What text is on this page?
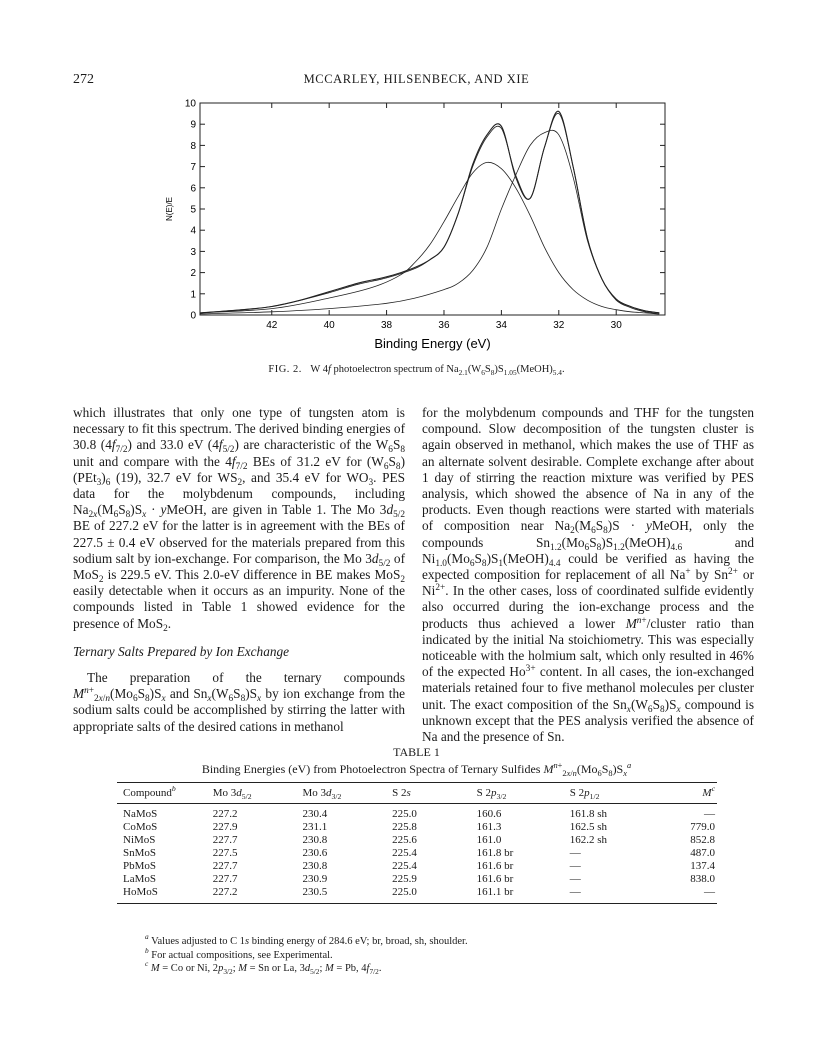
272	MCCARLEY, HILSENBECK, AND XIE
0
1
2
3
4
5
6
7
8
9
10
42	40	38	36	34	32	30
Binding Energy (eV)
N(E)/E
FIG. 2. W 4f photoelectron spectrum of $Na_{2.1}(W_6S_8)S_{1.05}(MeOH)_{5.4}$.

which illustrates that only one type of tungsten atom is necessary to fit this spectrum. The derived binding energies of 30.8 $(4f_{7/2})$ and 33.0 eV $(4f_{5/2})$ are characteristic of the $W_6S_8$ unit and compare with the $4f_{7/2}$ BEs of 31.2 eV for $(W_6S_8)(PEt_3)_6$ (19), 32.7 eV for $WS_2$, and 35.4 eV for $WO_3$. PES data for the molybdenum compounds, including $Na_{2x}(M_6S_8)S_x$ · yMeOH, are given in Table 1. The Mo $3d_{5/2}$ BE of 227.2 eV for the latter is in agreement with the BEs of 227.5 ± 0.4 eV observed for the materials prepared from this sodium salt by ion-exchange. For comparison, the Mo $3d_{5/2}$ of MoS$_2$ is 229.5 eV. This 2.0-eV difference in BE makes MoS$_2$ easily detectable when it occurs as an impurity. None of the compounds listed in Table 1 showed evidence for the presence of MoS$_2$.

Ternary Salts Prepared by Ion Exchange

The preparation of the ternary compounds $M^{n+}_{2x/n}(Mo_6S_8)S_x$ and $Sn_x(W_6S_8)S_x$ by ion exchange from the sodium salts could be accomplished by stirring the latter with appropriate salts of the desired cations in methanol

for the molybdenum compounds and THF for the tungsten compound. Slow decomposition of the tungsten cluster is again observed in methanol, which makes the use of THF as an alternate solvent desirable. Complete exchange after about 1 day of stirring the reaction mixture was verified by PES analysis, which showed the absence of Na in any of the products. Even though reactions were started with materials of composition near $Na_2(M_6S_8)S$ · yMeOH, only the compounds $Sn_{1.2}(Mo_6S_8)S_{1.2}(MeOH)_{4.6}$ and $Ni_{1.0}(Mo_6S_8)S_1(MeOH)_{4.4}$ could be verified as having the expected composition for replacement of all Na+ by $Sn^{2+}$ or $Ni^{2+}$. In the other cases, loss of coordinated sulfide evidently also occurred during the ion-exchange process and the products thus achieved a lower $M^{n+}$/cluster ratio than indicated by the initial Na stoichiometry. This was especially noticeable with the holmium salt, which only resulted in 46% of the expected $Ho^{3+}$ content. In all cases, the ion-exchanged materials retained four to five methanol molecules per cluster unit. The exact composition of the $Sn_x(W_6S_8)S_x$ compound is unknown except that the PES analysis verified the absence of Na and the presence of Sn.

TABLE 1
Binding Energies (eV) from Photoelectron Spectra of Ternary Sulfides $M^{n+}_{2x/n}(Mo_6S_8)S_x^a$
Compound$^b$	Mo $3d_{5/2}$	Mo $3d_{3/2}$	S 2s	S $2p_{3/2}$	S $2p_{1/2}$	$M^c$
NaMoS	227.2	230.4	225.0	160.6	161.8 sh	—
CoMoS	227.9	231.1	225.8	161.3	162.5 sh	779.0
NiMoS	227.7	230.8	225.6	161.0	162.2 sh	852.8
SnMoS	227.5	230.6	225.4	161.8 br	—	487.0
PbMoS	227.7	230.8	225.4	161.6 br	—	137.4
LaMoS	227.7	230.9	225.9	161.6 br	—	838.0
HoMoS	227.2	230.5	225.0	161.1 br	—	—
$^a$ Values adjusted to C 1s binding energy of 284.6 eV; br, broad, sh, shoulder.
$^b$ For actual compositions, see Experimental.
$^c$ M = Co or Ni, $2p_{3/2}$; M = Sn or La, $3d_{5/2}$; M = Pb, $4f_{7/2}$.
